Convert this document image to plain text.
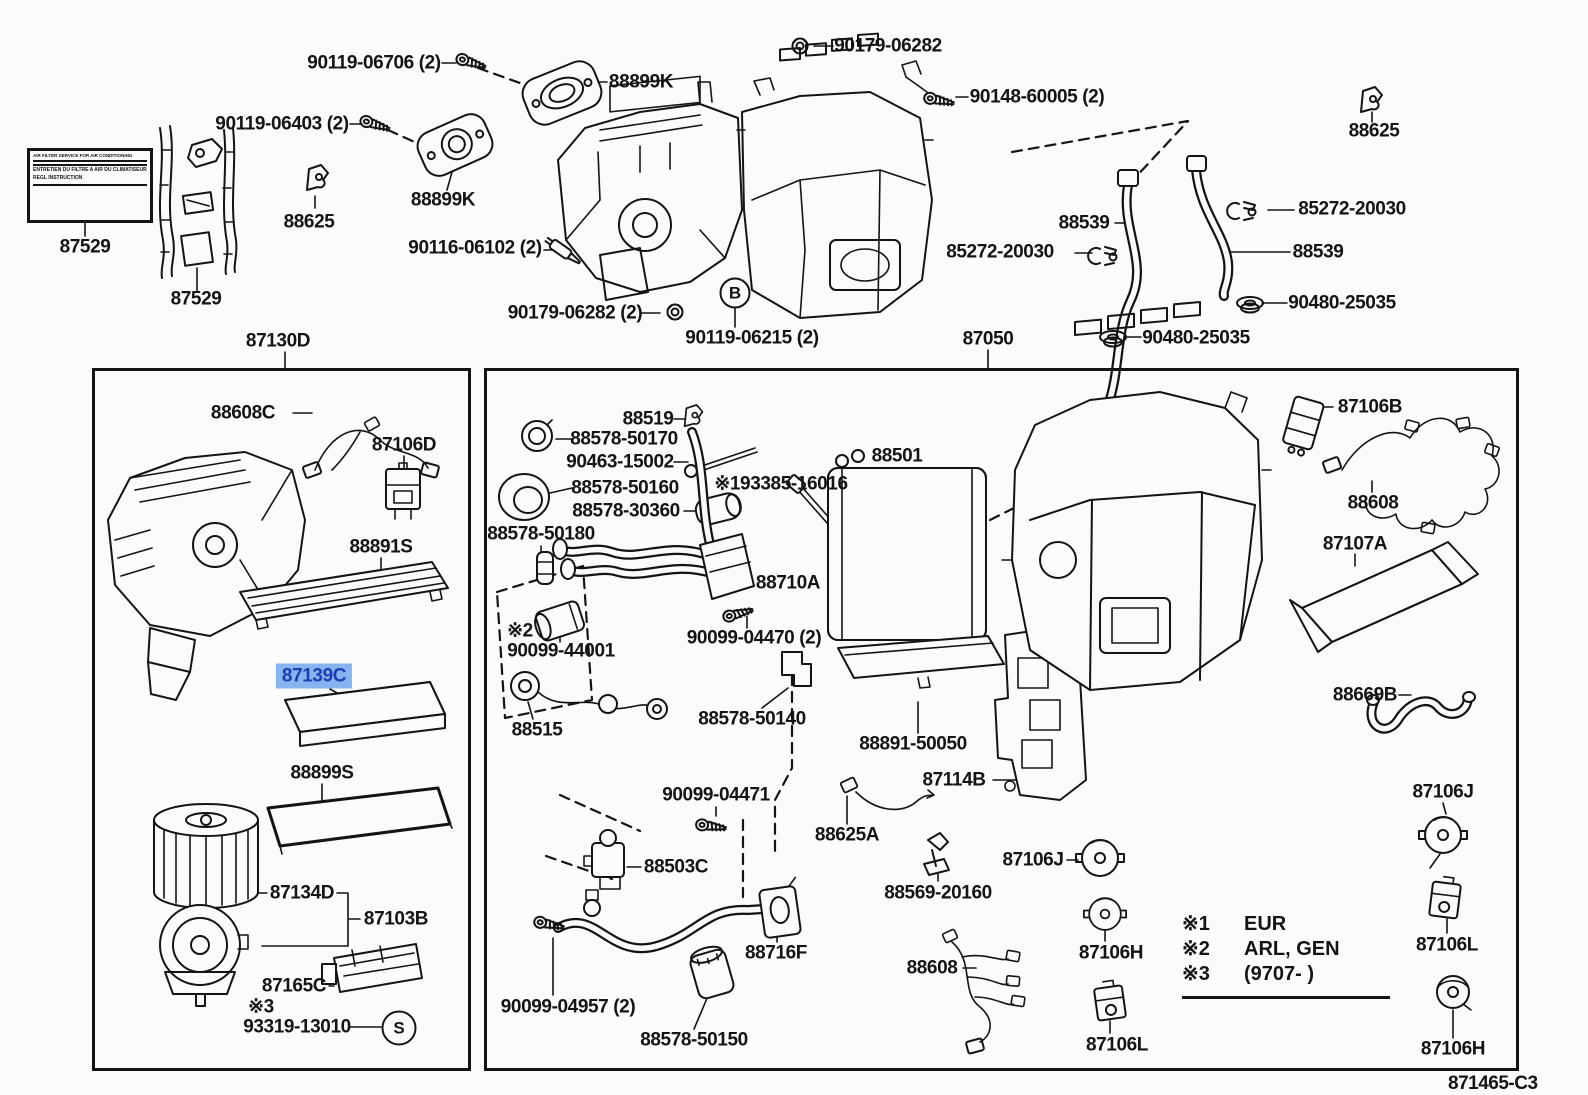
AIR FILTER SERVICE FOR AIR CONDITIONING
ENTRETIEN DU FILTRE A AIR DU CLIMATISEUR
REGL INSTRUCTION
90119-06706 (2)
88899K
90179-06282
90148-60005 (2)
88625
90119-06403 (2)
88899K
88625
87529
87529
90116-06102 (2)
90179-06282 (2)
90119-06215 (2)
87130D	87050
88539
85272-20030
85272-20030	88539
90480-25035
90480-25035
88608C
87106D
88891S
87139C
88899S
87134D
87103B
87165C
※3
93319-13010
88519
88578-50170
90463-15002
88578-50160 ※193385-16016
88578-30360
88578-50180
88501
88710A
※2
90099-44001
90099-04470 (2)
88515
88578-50140
88891-50050
87114B
90099-04471
88625A
88503C
88569-20160
87106J
88716F
90099-04957 (2)
88578-50150
88608
87106H
87106L
87106B
88608
87107A
88669B
87106J
87106L
87106H
B
S
※1	EUR
※2	ARL, GEN
※3	(9707- )
871465-C3
